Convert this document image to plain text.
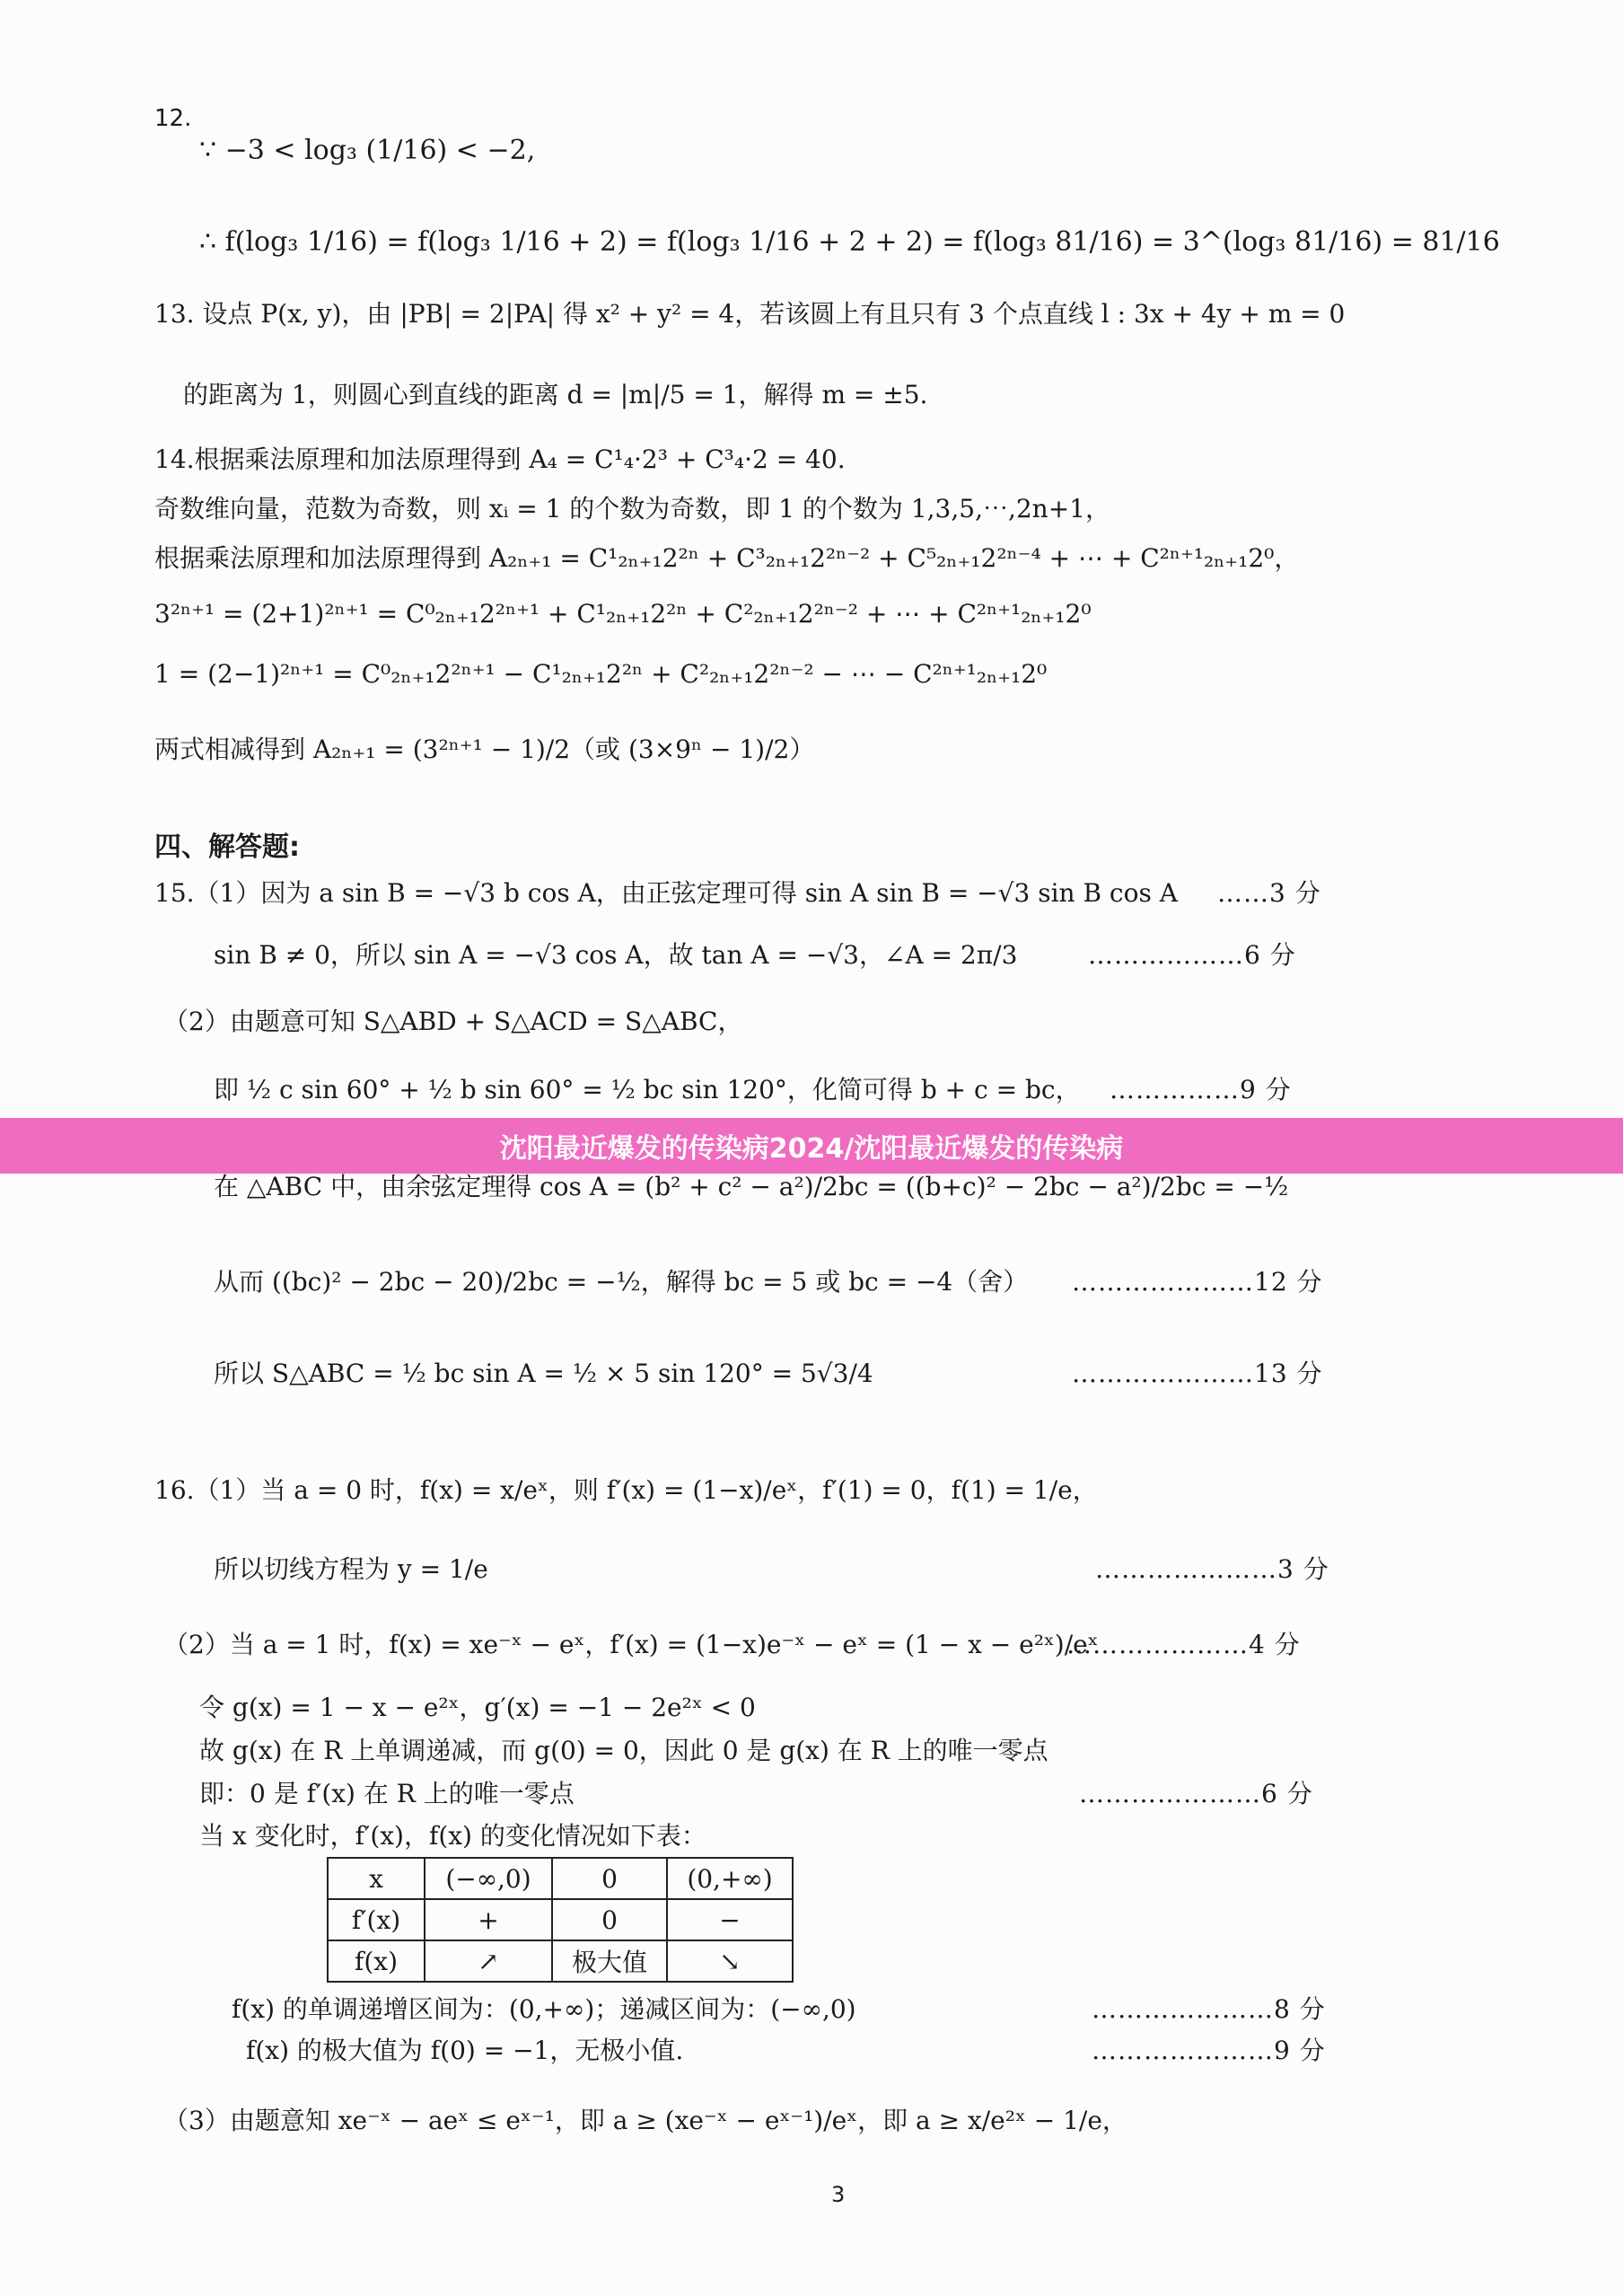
12.
∵ −3 < log₃ (1/16) < −2,
∴ f(log₃ 1/16) = f(log₃ 1/16 + 2) = f(log₃ 1/16 + 2 + 2) = f(log₃ 81/16) = 3^(log₃ 81/16) = 81/16
13. 设点 P(x, y)，由 |PB| = 2|PA| 得 x² + y² = 4，若该圆上有且只有 3 个点直线 l : 3x + 4y + m = 0
的距离为 1，则圆心到直线的距离 d = |m|/5 = 1，解得 m = ±5.
14.根据乘法原理和加法原理得到 A₄ = C¹₄·2³ + C³₄·2 = 40.
奇数维向量，范数为奇数，则 xᵢ = 1 的个数为奇数，即 1 的个数为 1,3,5,⋯,2n+1，
根据乘法原理和加法原理得到 A₂ₙ₊₁ = C¹₂ₙ₊₁2²ⁿ + C³₂ₙ₊₁2²ⁿ⁻² + C⁵₂ₙ₊₁2²ⁿ⁻⁴ + ⋯ + C²ⁿ⁺¹₂ₙ₊₁2⁰，
3²ⁿ⁺¹ = (2+1)²ⁿ⁺¹ = C⁰₂ₙ₊₁2²ⁿ⁺¹ + C¹₂ₙ₊₁2²ⁿ + C²₂ₙ₊₁2²ⁿ⁻² + ⋯ + C²ⁿ⁺¹₂ₙ₊₁2⁰
1 = (2−1)²ⁿ⁺¹ = C⁰₂ₙ₊₁2²ⁿ⁺¹ − C¹₂ₙ₊₁2²ⁿ + C²₂ₙ₊₁2²ⁿ⁻² − ⋯ − C²ⁿ⁺¹₂ₙ₊₁2⁰
两式相减得到 A₂ₙ₊₁ = (3²ⁿ⁺¹ − 1)/2（或 (3×9ⁿ − 1)/2）
四、解答题:
15.（1）因为 a sin B = −√3 b cos A，由正弦定理可得 sin A sin B = −√3 sin B cos A ……3 分
sin B ≠ 0，所以 sin A = −√3 cos A，故 tan A = −√3，∠A = 2π/3	………………6 分
（2）由题意可知 S△ABD + S△ACD = S△ABC，
即 ½ c sin 60° + ½ b sin 60° = ½ bc sin 120°，化简可得 b + c = bc， ……………9 分
沈阳最近爆发的传染病2024/沈阳最近爆发的传染病
在 △ABC 中，由余弦定理得 cos A = (b² + c² − a²)/2bc = ((b+c)² − 2bc − a²)/2bc = −½
从而 ((bc)² − 2bc − 20)/2bc = −½，解得 bc = 5 或 bc = −4（舍） …………………12 分
所以 S△ABC = ½ bc sin A = ½ × 5 sin 120° = 5√3/4	…………………13 分
16.（1）当 a = 0 时，f(x) = x/eˣ，则 f′(x) = (1−x)/eˣ，f′(1) = 0，f(1) = 1/e，
所以切线方程为 y = 1/e	…………………3 分
（2）当 a = 1 时，f(x) = xe⁻ˣ − eˣ，f′(x) = (1−x)e⁻ˣ − eˣ = (1 − x − e²ˣ)/eˣ
…………………4 分
令 g(x) = 1 − x − e²ˣ，g′(x) = −1 − 2e²ˣ < 0
故 g(x) 在 R 上单调递减，而 g(0) = 0，因此 0 是 g(x) 在 R 上的唯一零点
即：0 是 f′(x) 在 R 上的唯一零点	…………………6 分
当 x 变化时，f′(x)，f(x) 的变化情况如下表：
x	(−∞,0)	0	(0,+∞)
f′(x)	+	0	−
f(x)	↗	极大值	↘
f(x) 的单调递增区间为：(0,+∞)；递减区间为：(−∞,0)	…………………8 分
f(x) 的极大值为 f(0) = −1，无极小值.	…………………9 分
（3）由题意知 xe⁻ˣ − aeˣ ≤ eˣ⁻¹，即 a ≥ (xe⁻ˣ − eˣ⁻¹)/eˣ，即 a ≥ x/e²ˣ − 1/e，
3
